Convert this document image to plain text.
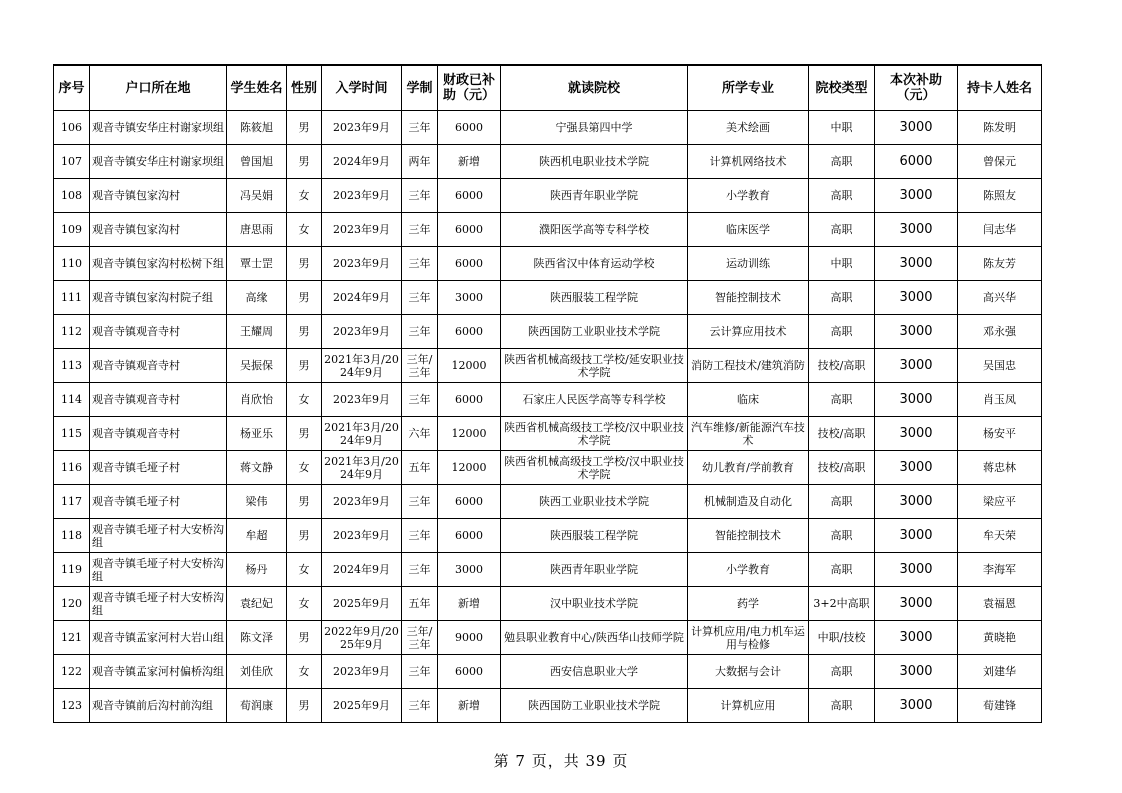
序号	户口所在地	学生姓名	性别	入学时间	学制	财政已补助（元）	就读院校	所学专业	院校类型	本次补助（元）	持卡人姓名
106	观音寺镇安华庄村谢家坝组	陈筱旭	男	2023年9月	三年	6000	宁强县第四中学	美术绘画	中职	3000	陈发明
107	观音寺镇安华庄村谢家坝组	曾国旭	男	2024年9月	两年	新增	陕西机电职业技术学院	计算机网络技术	高职	6000	曾保元
108	观音寺镇包家沟村	冯吴娟	女	2023年9月	三年	6000	陕西青年职业学院	小学教育	高职	3000	陈照友
109	观音寺镇包家沟村	唐思雨	女	2023年9月	三年	6000	濮阳医学高等专科学校	临床医学	高职	3000	闫志华
110	观音寺镇包家沟村松树下组	覃士罡	男	2023年9月	三年	6000	陕西省汉中体育运动学校	运动训练	中职	3000	陈友芳
111	观音寺镇包家沟村院子组	高缘	男	2024年9月	三年	3000	陕西服装工程学院	智能控制技术	高职	3000	高兴华
112	观音寺镇观音寺村	王耀周	男	2023年9月	三年	6000	陕西国防工业职业技术学院	云计算应用技术	高职	3000	邓永强
113	观音寺镇观音寺村	吴振保	男	2021年3月/2024年9月	三年/三年	12000	陕西省机械高级技工学校/延安职业技术学院	消防工程技术/建筑消防	技校/高职	3000	吴国忠
114	观音寺镇观音寺村	肖欣怡	女	2023年9月	三年	6000	石家庄人民医学高等专科学校	临床	高职	3000	肖玉凤
115	观音寺镇观音寺村	杨亚乐	男	2021年3月/2024年9月	六年	12000	陕西省机械高级技工学校/汉中职业技术学院	汽车维修/新能源汽车技术	技校/高职	3000	杨安平
116	观音寺镇毛垭子村	蒋文静	女	2021年3月/2024年9月	五年	12000	陕西省机械高级技工学校/汉中职业技术学院	幼儿教育/学前教育	技校/高职	3000	蒋忠林
117	观音寺镇毛垭子村	梁伟	男	2023年9月	三年	6000	陕西工业职业技术学院	机械制造及自动化	高职	3000	梁应平
118	观音寺镇毛垭子村大安桥沟组	牟超	男	2023年9月	三年	6000	陕西服装工程学院	智能控制技术	高职	3000	牟天荣
119	观音寺镇毛垭子村大安桥沟组	杨丹	女	2024年9月	三年	3000	陕西青年职业学院	小学教育	高职	3000	李海军
120	观音寺镇毛垭子村大安桥沟组	袁纪妃	女	2025年9月	五年	新增	汉中职业技术学院	药学	3+2中高职	3000	袁福恩
121	观音寺镇孟家河村大岩山组	陈文泽	男	2022年9月/2025年9月	三年/三年	9000	勉县职业教育中心/陕西华山技师学院	计算机应用/电力机车运用与检修	中职/技校	3000	黄晓艳
122	观音寺镇孟家河村偏桥沟组	刘佳欣	女	2023年9月	三年	6000	西安信息职业大学	大数据与会计	高职	3000	刘建华
123	观音寺镇前后沟村前沟组	荀润康	男	2025年9月	三年	新增	陕西国防工业职业技术学院	计算机应用	高职	3000	荀建锋
第 7 页，共 39 页
